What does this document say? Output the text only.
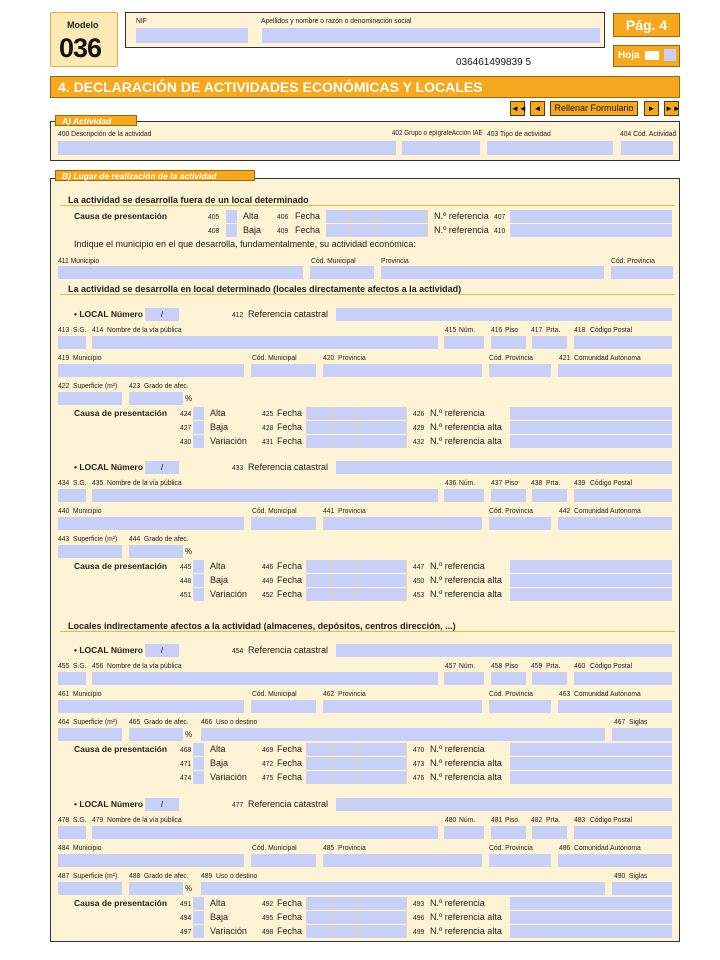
Modelo
036
NIF	Apellidos y nombre o razón o denominación social
036461499839 5
Pág. 4
Hoja
4. DECLARACIÓN DE ACTIVIDADES ECONÓMICAS Y LOCALES
◄◄ ◄	Rellenar Formulario	►	►►
A) Actividad
400 Descripción de la actividad	402 Grupo o epígrafeAcción IAE 403 Tipo de actividad	404 Cód. Actividad
B) Lugar de realización de la actividad
La actividad se desarrolla fuera de un local determinado
Causa de presentación	405	Alta 406 Fecha	N.º referencia 407
408	Baja 409 Fecha	N.º referencia 410
Indique el municipio en el que desarrolla, fundamentalmente, su actividad económica:
411 Municipio	Cód. Municipal	Provincia	Cód. Provincia
La actividad se desarrolla en local determinado (locales directamente afectos a la actividad)
Locales indirectamente afectos a la actividad (almacenes, depósitos, centros dirección, ...)
• LOCAL Número	/	412 Referencia catastral
413 S.G. 414 Nombre de la vía pública	415 Núm. 416 Piso 417 Prta. 418 Código Postal
419 Municipio	Cód. Municipal	420 Provincia	Cód. Provincia	421 Comunidad Autónoma
422 Superficie (m²) 423 Grado de afec.
%
Causa de presentación 424 Alta	425 Fecha	426 N.º referencia
427 Baja	428 Fecha	429 N.º referencia alta
430 Variación 431 Fecha	432 N.º referencia alta
• LOCAL Número	/	433 Referencia catastral
434 S.G. 435 Nombre de la vía pública	436 Núm. 437 Piso 438 Prta. 439 Código Postal
440 Municipio	Cód. Municipal	441 Provincia	Cód. Provincia	442 Comunidad Autónoma
443 Superficie (m²) 444 Grado de afec.
%
Causa de presentación 445 Alta	446 Fecha	447 N.º referencia
448 Baja	449 Fecha	450 N.º referencia alta
451 Variación 452 Fecha	453 N.º referencia alta
• LOCAL Número	/	454 Referencia catastral
455 S.G. 456 Nombre de la vía pública	457 Núm. 458 Piso 459 Prta. 460 Código Postal
461 Municipio	Cód. Municipal	462 Provincia	Cód. Provincia	463 Comunidad Autónoma
464 Superficie (m²) 465 Grado de afec. 466 Uso o destino	467 Siglas
%
Causa de presentación 468 Alta	469 Fecha	470 N.º referencia
471 Baja	472 Fecha	473 N.º referencia alta
474 Variación 475 Fecha	476 N.º referencia alta
• LOCAL Número	/	477 Referencia catastral
478 S.G. 479 Nombre de la vía pública	480 Núm. 481 Piso 482 Prta. 483 Código Postal
484 Municipio	Cód. Municipal	485 Provincia	Cód. Provincia	486 Comunidad Autónoma
487 Superficie (m²) 488 Grado de afec. 489 Uso o destino	490 Siglas
%
Causa de presentación 491 Alta	492 Fecha	493 N.º referencia
494 Baja	495 Fecha	496 N.º referencia alta
497 Variación 498 Fecha	499 N.º referencia alta
